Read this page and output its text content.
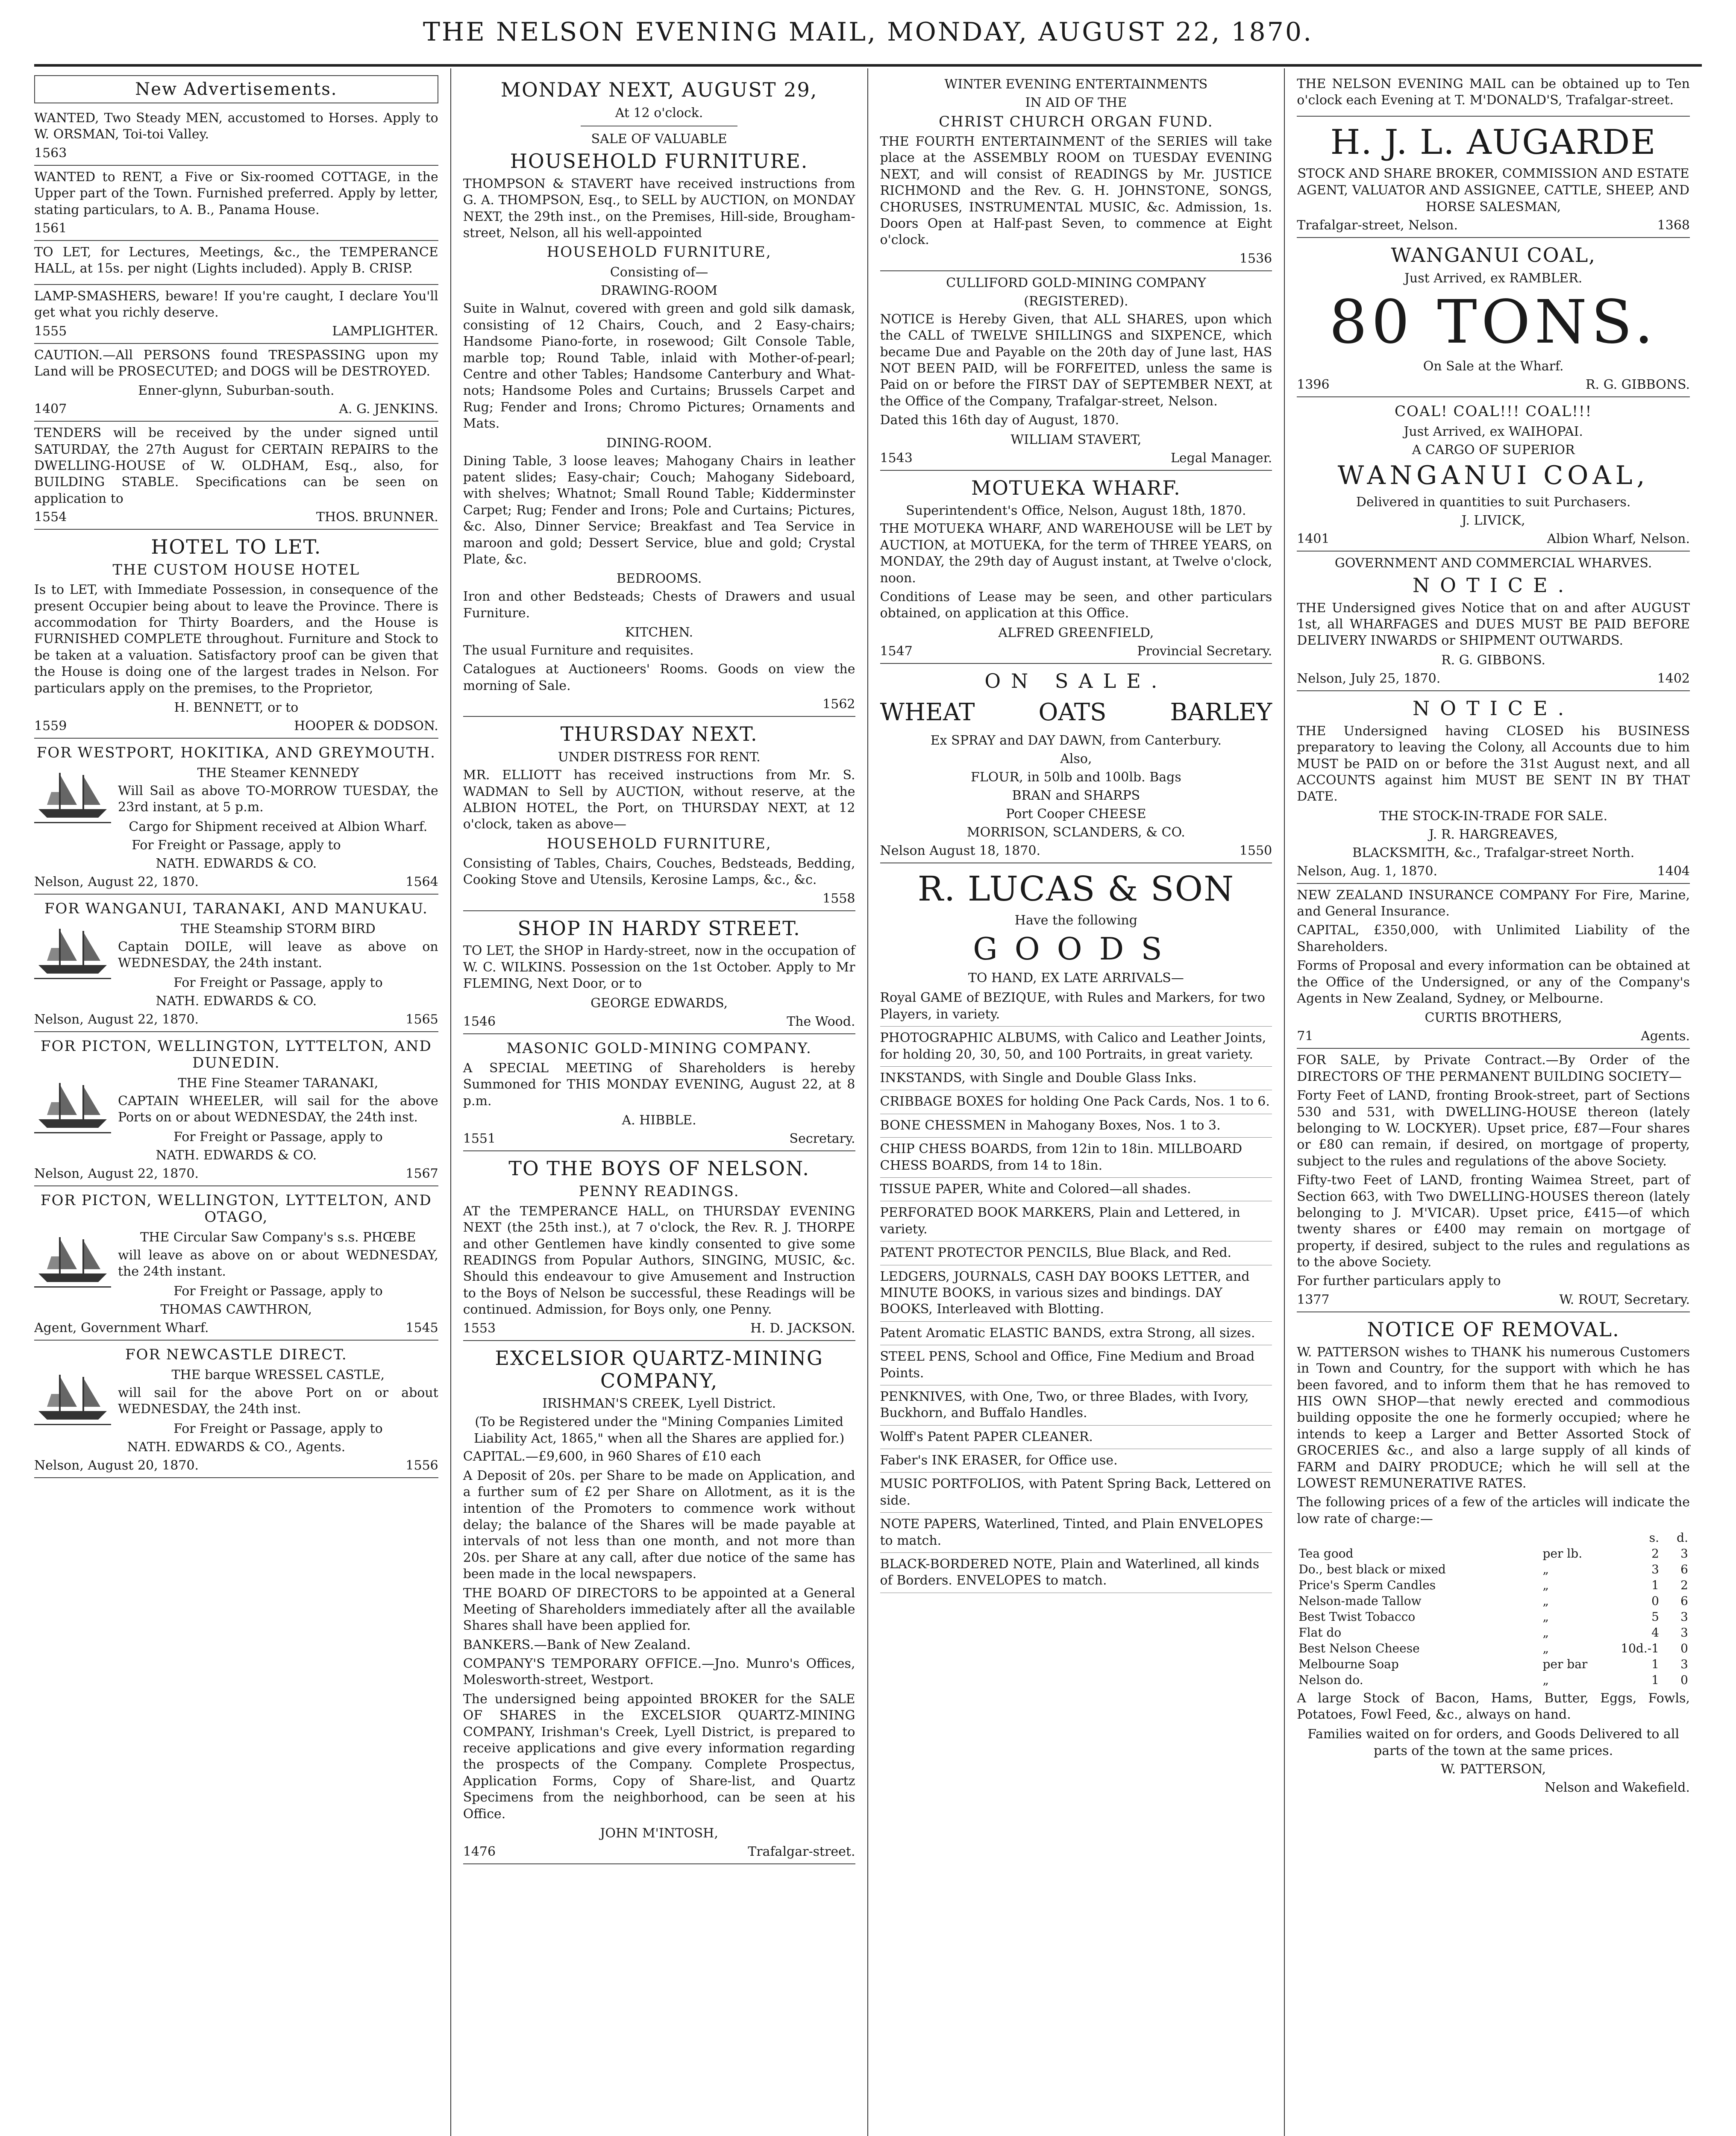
THE NELSON EVENING MAIL, MONDAY, AUGUST 22, 1870.
New Advertisements.

WANTED, Two Steady MEN, accustomed to Horses. Apply to W. ORSMAN, Toi-toi Valley.

1563

WANTED to RENT, a Five or Six-roomed COTTAGE, in the Upper part of the Town. Furnished preferred. Apply by letter, stating particulars, to A. B., Panama House.

1561

TO LET, for Lectures, Meetings, &c., the TEMPERANCE HALL, at 15s. per night (Lights included). Apply B. CRISP.

LAMP-SMASHERS, beware! If you're caught, I declare You'll get what you richly deserve.

1555	LAMPLIGHTER.

CAUTION.—All PERSONS found TRESPASSING upon my Land will be PROSECUTED; and DOGS will be DESTROYED.

Enner-glynn, Suburban-south.
1407	A. G. JENKINS.

TENDERS will be received by the under signed until SATURDAY, the 27th August for CERTAIN REPAIRS to the DWELLING-HOUSE of W. OLDHAM, Esq., also, for BUILDING STABLE. Specifications can be seen on application to

1554	THOS. BRUNNER.
HOTEL TO LET.
THE CUSTOM HOUSE HOTEL

Is to LET, with Immediate Possession, in consequence of the present Occupier being about to leave the Province. There is accommodation for Thirty Boarders, and the House is FURNISHED COMPLETE throughout. Furniture and Stock to be taken at a valuation. Satisfactory proof can be given that the House is doing one of the largest trades in Nelson. For particulars apply on the premises, to the Proprietor,

H. BENNETT, or to
1559	HOOPER & DODSON.
FOR WESTPORT, HOKITIKA, AND GREYMOUTH.
THE Steamer KENNEDY

Will Sail as above TO-MORROW TUESDAY, the 23rd instant, at 5 p.m.

Cargo for Shipment received at Albion Wharf.
For Freight or Passage, apply to
NATH. EDWARDS & CO.
Nelson, August 22, 1870.	1564
FOR WANGANUI, TARANAKI, AND MANUKAU.
THE Steamship STORM BIRD

Captain DOILE, will leave as above on WEDNESDAY, the 24th instant.

For Freight or Passage, apply to
NATH. EDWARDS & CO.
Nelson, August 22, 1870.	1565
FOR PICTON, WELLINGTON, LYTTELTON, AND DUNEDIN.
THE Fine Steamer TARANAKI,

CAPTAIN WHEELER, will sail for the above Ports on or about WEDNESDAY, the 24th inst.

For Freight or Passage, apply to
NATH. EDWARDS & CO.
Nelson, August 22, 1870.	1567
FOR PICTON, WELLINGTON, LYTTELTON, AND OTAGO,
THE Circular Saw Company's s.s. PHŒBE

will leave as above on or about WEDNESDAY, the 24th instant.

For Freight or Passage, apply to
THOMAS CAWTHRON,
Agent, Government Wharf.	1545
FOR NEWCASTLE DIRECT.
THE barque WRESSEL CASTLE,

will sail for the above Port on or about WEDNESDAY, the 24th inst.

For Freight or Passage, apply to
NATH. EDWARDS & CO., Agents.
Nelson, August 20, 1870.	1556
MONDAY NEXT, AUGUST 29,
At 12 o'clock.
SALE OF VALUABLE
HOUSEHOLD FURNITURE.

THOMPSON & STAVERT have received instructions from G. A. THOMPSON, Esq., to SELL by AUCTION, on MONDAY NEXT, the 29th inst., on the Premises, Hill-side, Brougham-street, Nelson, all his well-appointed

HOUSEHOLD FURNITURE,
Consisting of—
DRAWING-ROOM

Suite in Walnut, covered with green and gold silk damask, consisting of 12 Chairs, Couch, and 2 Easy-chairs; Handsome Piano-forte, in rosewood; Gilt Console Table, marble top; Round Table, inlaid with Mother-of-pearl; Centre and other Tables; Handsome Canterbury and What-nots; Handsome Poles and Curtains; Brussels Carpet and Rug; Fender and Irons; Chromo Pictures; Ornaments and Mats.

DINING-ROOM.

Dining Table, 3 loose leaves; Mahogany Chairs in leather patent slides; Easy-chair; Couch; Mahogany Sideboard, with shelves; Whatnot; Small Round Table; Kidderminster Carpet; Rug; Fender and Irons; Pole and Curtains; Pictures, &c. Also, Dinner Service; Breakfast and Tea Service in maroon and gold; Dessert Service, blue and gold; Crystal Plate, &c.

BEDROOMS.

Iron and other Bedsteads; Chests of Drawers and usual Furniture.

KITCHEN.

The usual Furniture and requisites.

Catalogues at Auctioneers' Rooms. Goods on view the morning of Sale.

1562
THURSDAY NEXT.
UNDER DISTRESS FOR RENT.

MR. ELLIOTT has received instructions from Mr. S. WADMAN to Sell by AUCTION, without reserve, at the ALBION HOTEL, the Port, on THURSDAY NEXT, at 12 o'clock, taken as above—

HOUSEHOLD FURNITURE,

Consisting of Tables, Chairs, Couches, Bedsteads, Bedding, Cooking Stove and Utensils, Kerosine Lamps, &c., &c.

1558
SHOP IN HARDY STREET.

TO LET, the SHOP in Hardy-street, now in the occupation of W. C. WILKINS. Possession on the 1st October. Apply to Mr FLEMING, Next Door, or to

GEORGE EDWARDS,
1546	The Wood.
MASONIC GOLD-MINING COMPANY.

A SPECIAL MEETING of Shareholders is hereby Summoned for THIS MONDAY EVENING, August 22, at 8 p.m.

A. HIBBLE.
1551	Secretary.
TO THE BOYS OF NELSON.
PENNY READINGS.

AT the TEMPERANCE HALL, on THURSDAY EVENING NEXT (the 25th inst.), at 7 o'clock, the Rev. R. J. THORPE and other Gentlemen have kindly consented to give some READINGS from Popular Authors, SINGING, MUSIC, &c. Should this endeavour to give Amusement and Instruction to the Boys of Nelson be successful, these Readings will be continued. Admission, for Boys only, one Penny.

1553	H. D. JACKSON.
EXCELSIOR QUARTZ-MINING COMPANY,
IRISHMAN'S CREEK, Lyell District.
(To be Registered under the "Mining Companies Limited Liability Act, 1865," when all the Shares are applied for.)

CAPITAL.—£9,600, in 960 Shares of £10 each

A Deposit of 20s. per Share to be made on Application, and a further sum of £2 per Share on Allotment, as it is the intention of the Promoters to commence work without delay; the balance of the Shares will be made payable at intervals of not less than one month, and not more than 20s. per Share at any call, after due notice of the same has been made in the local newspapers.

THE BOARD OF DIRECTORS to be appointed at a General Meeting of Shareholders immediately after all the available Shares shall have been applied for.

BANKERS.—Bank of New Zealand.

COMPANY'S TEMPORARY OFFICE.—Jno. Munro's Offices, Molesworth-street, Westport.

The undersigned being appointed BROKER for the SALE OF SHARES in the EXCELSIOR QUARTZ-MINING COMPANY, Irishman's Creek, Lyell District, is prepared to receive applications and give every information regarding the prospects of the Company. Complete Prospectus, Application Forms, Copy of Share-list, and Quartz Specimens from the neighborhood, can be seen at his Office.

JOHN M'INTOSH,
1476	Trafalgar-street.
WINTER EVENING ENTERTAINMENTS
IN AID OF THE
CHRIST CHURCH ORGAN FUND.

THE FOURTH ENTERTAINMENT of the SERIES will take place at the ASSEMBLY ROOM on TUESDAY EVENING NEXT, and will consist of READINGS by Mr. JUSTICE RICHMOND and the Rev. G. H. JOHNSTONE, SONGS, CHORUSES, INSTRUMENTAL MUSIC, &c. Admission, 1s. Doors Open at Half-past Seven, to commence at Eight o'clock.

1536
CULLIFORD GOLD-MINING COMPANY
(REGISTERED).

NOTICE is Hereby Given, that ALL SHARES, upon which the CALL of TWELVE SHILLINGS and SIXPENCE, which became Due and Payable on the 20th day of June last, HAS NOT BEEN PAID, will be FORFEITED, unless the same is Paid on or before the FIRST DAY of SEPTEMBER NEXT, at the Office of the Company, Trafalgar-street, Nelson.

Dated this 16th day of August, 1870.

WILLIAM STAVERT,
1543	Legal Manager.
MOTUEKA WHARF.
Superintendent's Office, Nelson, August 18th, 1870.

THE MOTUEKA WHARF, AND WAREHOUSE will be LET by AUCTION, at MOTUEKA, for the term of THREE YEARS, on MONDAY, the 29th day of August instant, at Twelve o'clock, noon.

Conditions of Lease may be seen, and other particulars obtained, on application at this Office.

ALFRED GREENFIELD,
1547	Provincial Secretary.
ON SALE.
WHEAT	OATS	BARLEY
Ex SPRAY and DAY DAWN, from Canterbury.
Also,
FLOUR, in 50lb and 100lb. Bags
BRAN and SHARPS
Port Cooper CHEESE
MORRISON, SCLANDERS, & CO.
Nelson August 18, 1870.	1550
R. LUCAS & SON
Have the following
GOODS
TO HAND, EX LATE ARRIVALS—
Royal GAME of BEZIQUE, with Rules and Markers, for two Players, in variety.
PHOTOGRAPHIC ALBUMS, with Calico and Leather Joints, for holding 20, 30, 50, and 100 Portraits, in great variety.
INKSTANDS, with Single and Double Glass Inks.
CRIBBAGE BOXES for holding One Pack Cards, Nos. 1 to 6.
BONE CHESSMEN in Mahogany Boxes, Nos. 1 to 3.
CHIP CHESS BOARDS, from 12in to 18in. MILLBOARD CHESS BOARDS, from 14 to 18in.
TISSUE PAPER, White and Colored—all shades.
PERFORATED BOOK MARKERS, Plain and Lettered, in variety.
PATENT PROTECTOR PENCILS, Blue Black, and Red.
LEDGERS, JOURNALS, CASH DAY BOOKS LETTER, and MINUTE BOOKS, in various sizes and bindings. DAY BOOKS, Interleaved with Blotting.
Patent Aromatic ELASTIC BANDS, extra Strong, all sizes.
STEEL PENS, School and Office, Fine Medium and Broad Points.
PENKNIVES, with One, Two, or three Blades, with Ivory, Buckhorn, and Buffalo Handles.
Wolff's Patent PAPER CLEANER.
Faber's INK ERASER, for Office use.
MUSIC PORTFOLIOS, with Patent Spring Back, Lettered on side.
NOTE PAPERS, Waterlined, Tinted, and Plain ENVELOPES to match.
BLACK-BORDERED NOTE, Plain and Waterlined, all kinds of Borders. ENVELOPES to match.

THE NELSON EVENING MAIL can be obtained up to Ten o'clock each Evening at T. M'DONALD'S, Trafalgar-street.

H. J. L. AUGARDE
STOCK AND SHARE BROKER, COMMISSION AND ESTATE AGENT, VALUATOR AND ASSIGNEE, CATTLE, SHEEP, AND HORSE SALESMAN,
Trafalgar-street, Nelson.	1368
WANGANUI COAL,
Just Arrived, ex RAMBLER.
80 TONS.
On Sale at the Wharf.
1396	R. G. GIBBONS.
COAL! COAL!!! COAL!!!
Just Arrived, ex WAIHOPAI.
A CARGO OF SUPERIOR
WANGANUI COAL,
Delivered in quantities to suit Purchasers.
J. LIVICK,
1401	Albion Wharf, Nelson.
GOVERNMENT AND COMMERCIAL WHARVES.
NOTICE.

THE Undersigned gives Notice that on and after AUGUST 1st, all WHARFAGES and DUES MUST BE PAID BEFORE DELIVERY INWARDS or SHIPMENT OUTWARDS.

R. G. GIBBONS.
Nelson, July 25, 1870.	1402
NOTICE.

THE Undersigned having CLOSED his BUSINESS preparatory to leaving the Colony, all Accounts due to him MUST be PAID on or before the 31st August next, and all ACCOUNTS against him MUST BE SENT IN BY THAT DATE.

THE STOCK-IN-TRADE FOR SALE.
J. R. HARGREAVES,
BLACKSMITH, &c., Trafalgar-street North.
Nelson, Aug. 1, 1870.	1404

NEW ZEALAND INSURANCE COMPANY For Fire, Marine, and General Insurance.

CAPITAL, £350,000, with Unlimited Liability of the Shareholders.

Forms of Proposal and every information can be obtained at the Office of the Undersigned, or any of the Company's Agents in New Zealand, Sydney, or Melbourne.

CURTIS BROTHERS,
71	Agents.

FOR SALE, by Private Contract.—By Order of the DIRECTORS OF THE PERMANENT BUILDING SOCIETY—

Forty Feet of LAND, fronting Brook-street, part of Sections 530 and 531, with DWELLING-HOUSE thereon (lately belonging to W. LOCKYER). Upset price, £87—Four shares or £80 can remain, if desired, on mortgage of property, subject to the rules and regulations of the above Society.

Fifty-two Feet of LAND, fronting Waimea Street, part of Section 663, with Two DWELLING-HOUSES thereon (lately belonging to J. M'VICAR). Upset price, £415—of which twenty shares or £400 may remain on mortgage of property, if desired, subject to the rules and regulations as to the above Society.

For further particulars apply to

1377	W. ROUT, Secretary.
NOTICE OF REMOVAL.

W. PATTERSON wishes to THANK his numerous Customers in Town and Country, for the support with which he has been favored, and to inform them that he has removed to HIS OWN SHOP—that newly erected and commodious building opposite the one he formerly occupied; where he intends to keep a Larger and Better Assorted Stock of GROCERIES &c., and also a large supply of all kinds of FARM and DAIRY PRODUCE; which he will sell at the LOWEST REMUNERATIVE RATES.

The following prices of a few of the articles will indicate the low rate of charge:—

		s.	d.
Tea good	per lb.	2	3
Do., best black or mixed	„	3	6
Price's Sperm Candles	„	1	2
Nelson-made Tallow	„	0	6
Best Twist Tobacco	„	5	3
Flat do	„	4	3
Best Nelson Cheese	„	10d.-1	0
Melbourne Soap	per bar	1	3
Nelson do.	„	1	0

A large Stock of Bacon, Hams, Butter, Eggs, Fowls, Potatoes, Fowl Feed, &c., always on hand.

Families waited on for orders, and Goods Delivered to all parts of the town at the same prices.
W. PATTERSON,
Nelson and Wakefield.
